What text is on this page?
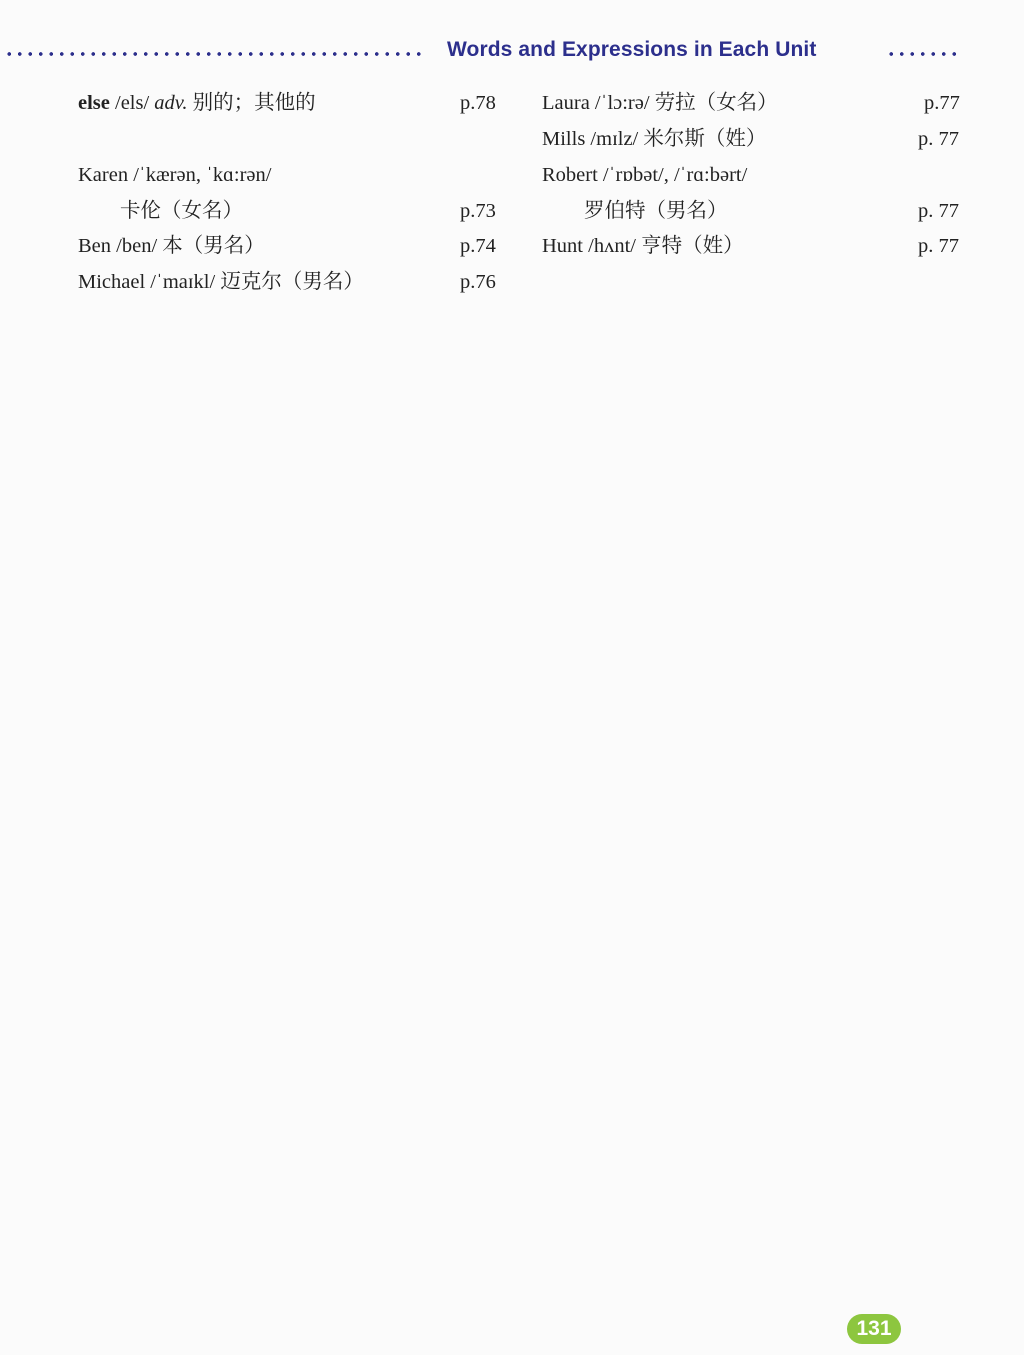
Words and Expressions in Each Unit
else /els/ adv. 别的；其他的	p.78
Karen /ˈkærən, ˈkɑ:rən/
卡伦（女名）	p.73
Ben /ben/ 本（男名）	p.74
Michael /ˈmaɪkl/ 迈克尔（男名）	p.76
Laura /ˈlɔ:rə/ 劳拉（女名）	p.77
Mills /mɪlz/ 米尔斯（姓）	p. 77
Robert /ˈrɒbət/, /ˈrɑ:bərt/
罗伯特（男名）	p. 77
Hunt /hʌnt/ 亨特（姓）	p. 77
131
